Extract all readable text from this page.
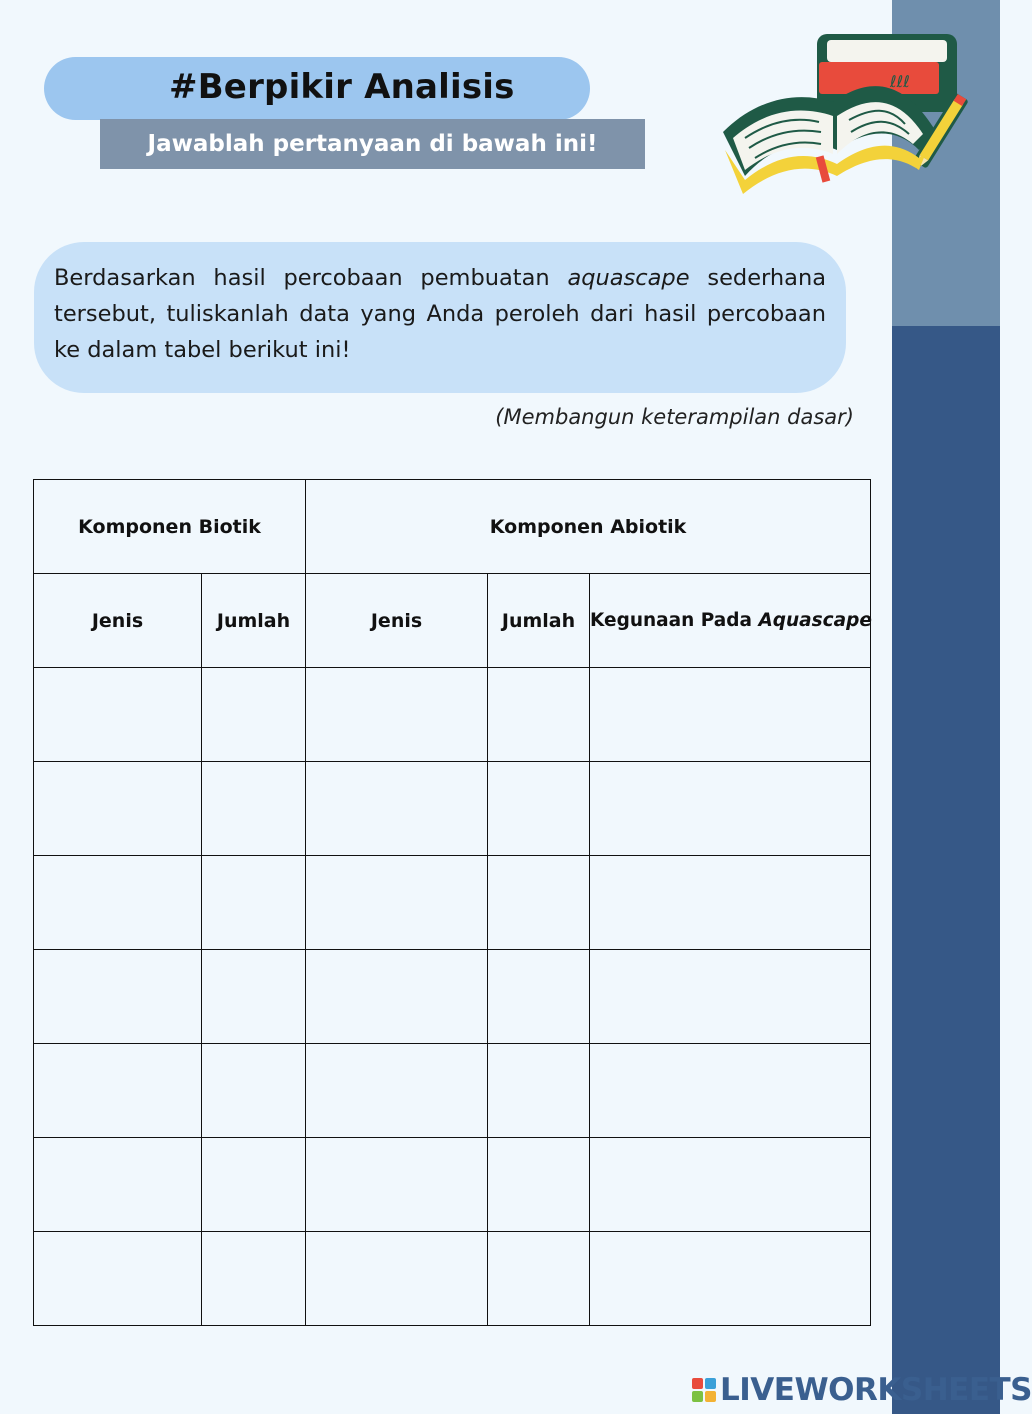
#Berpikir Analisis
Jawablah pertanyaan di bawah ini!
ℓℓℓ
Berdasarkan hasil percobaan pembuatan aquascape sederhana tersebut, tuliskanlah data yang Anda peroleh dari hasil percobaan ke dalam tabel berikut ini!
(Membangun keterampilan dasar)
Komponen Biotik		Komponen Abiotik		
Jenis	Jumlah	Jenis	Jumlah	Kegunaan Pada Aquascape

LIVEWORKSHEETS
